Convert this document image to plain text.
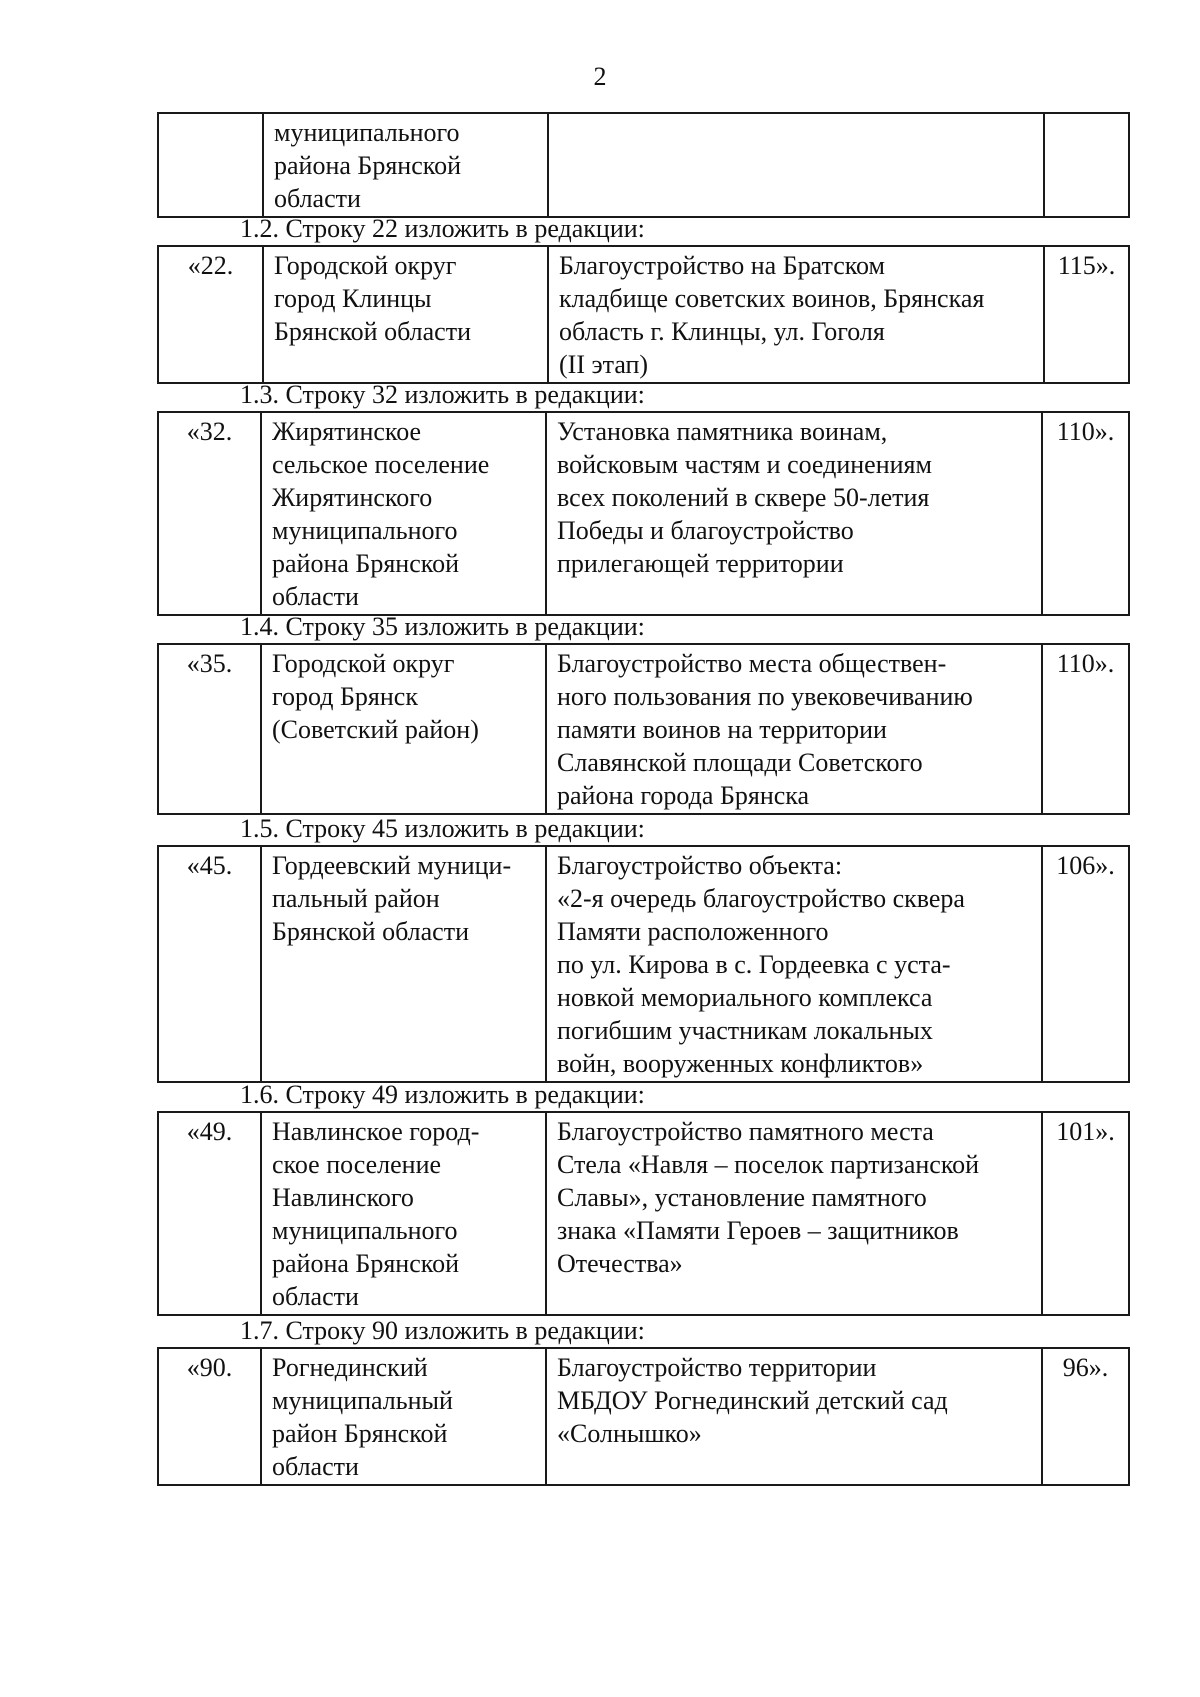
2
	муниципального
района Брянской
области		
1.2. Строку 22 изложить в редакции:
«22.	Городской округ
город Клинцы
Брянской области	Благоустройство на Братском
кладбище советских воинов, Брянская
область г. Клинцы, ул. Гоголя
(II этап)	115».
1.3. Строку 32 изложить в редакции:
«32.	Жирятинское
сельское поселение
Жирятинского
муниципального
района Брянской
области	Установка памятника воинам,
войсковым частям и соединениям
всех поколений в сквере 50-летия
Победы и благоустройство
прилегающей территории	110».
1.4. Строку 35 изложить в редакции:
«35.	Городской округ
город Брянск
(Советский район)	Благоустройство места обществен-
ного пользования по увековечиванию
памяти воинов на территории
Славянской площади Советского
района города Брянска	110».
1.5. Строку 45 изложить в редакции:
«45.	Гордеевский муници-
пальный район
Брянской области	Благоустройство объекта:
«2-я очередь благоустройство сквера
Памяти расположенного
по ул. Кирова в с. Гордеевка с уста-
новкой мемориального комплекса
погибшим участникам локальных
войн, вооруженных конфликтов»	106».
1.6. Строку 49 изложить в редакции:
«49.	Навлинское город-
ское поселение
Навлинского
муниципального
района Брянской
области	Благоустройство памятного места
Стела «Навля – поселок партизанской
Славы», установление памятного
знака «Памяти Героев – защитников
Отечества»	101».
1.7. Строку 90 изложить в редакции:
«90.	Рогнединский
муниципальный
район Брянской
области	Благоустройство территории
МБДОУ Рогнединский детский сад
«Солнышко»	96».
